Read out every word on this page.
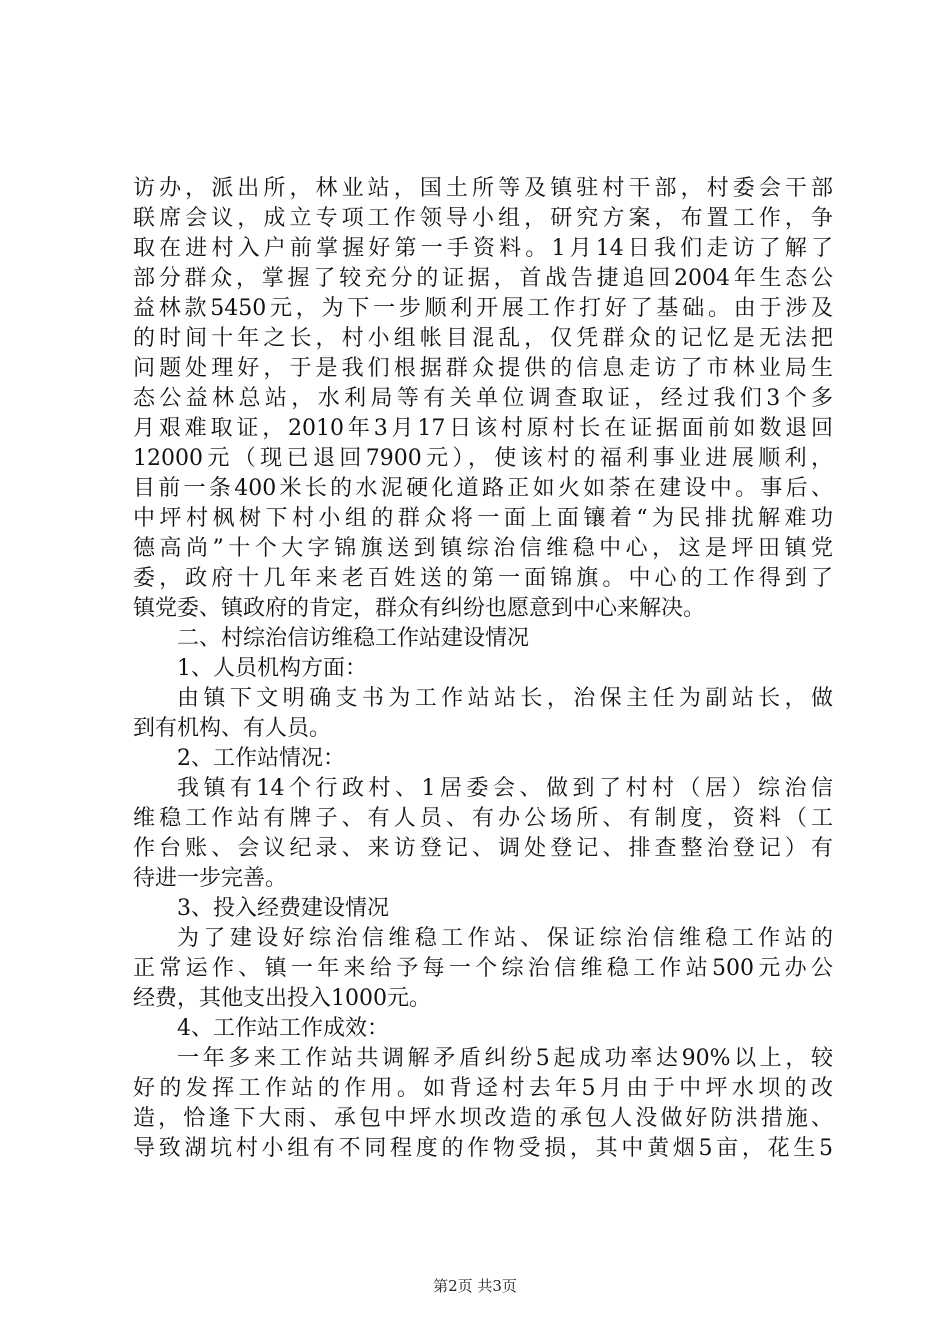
访办，派出所，林业站，国土所等及镇驻村干部，村委会干部
联席会议，成立专项工作领导小组，研究方案，布置工作，争
取在进村入户前掌握好第一手资料。1月14日我们走访了解了
部分群众，掌握了较充分的证据，首战告捷追回2004年生态公
益林款5450元，为下一步顺利开展工作打好了基础。由于涉及
的时间十年之长，村小组帐目混乱，仅凭群众的记忆是无法把
问题处理好，于是我们根据群众提供的信息走访了市林业局生
态公益林总站，水利局等有关单位调查取证，经过我们3个多
月艰难取证，2010年3月17日该村原村长在证据面前如数退回
12000元（现已退回7900元），使该村的福利事业进展顺利，
目前一条400米长的水泥硬化道路正如火如荼在建设中。事后、
中坪村枫树下村小组的群众将一面上面镶着“为民排扰解难功
德高尚”十个大字锦旗送到镇综治信维稳中心，这是坪田镇党
委，政府十几年来老百姓送的第一面锦旗。中心的工作得到了
镇党委、镇政府的肯定，群众有纠纷也愿意到中心来解决。
二、村综治信访维稳工作站建设情况
1、人员机构方面：
由镇下文明确支书为工作站站长，治保主任为副站长，做
到有机构、有人员。
2、工作站情况：
我镇有14个行政村、1居委会、做到了村村（居）综治信
维稳工作站有牌子、有人员、有办公场所、有制度，资料（工
作台账、会议纪录、来访登记、调处登记、排查整治登记）有
待进一步完善。
3、投入经费建设情况
为了建设好综治信维稳工作站、保证综治信维稳工作站的
正常运作、镇一年来给予每一个综治信维稳工作站500元办公
经费，其他支出投入1000元。
4、工作站工作成效：
一年多来工作站共调解矛盾纠纷5起成功率达90%以上，较
好的发挥工作站的作用。如背迳村去年5月由于中坪水坝的改
造，恰逢下大雨、承包中坪水坝改造的承包人没做好防洪措施、
导致湖坑村小组有不同程度的作物受损，其中黄烟5亩，花生5
第2页 共3页
